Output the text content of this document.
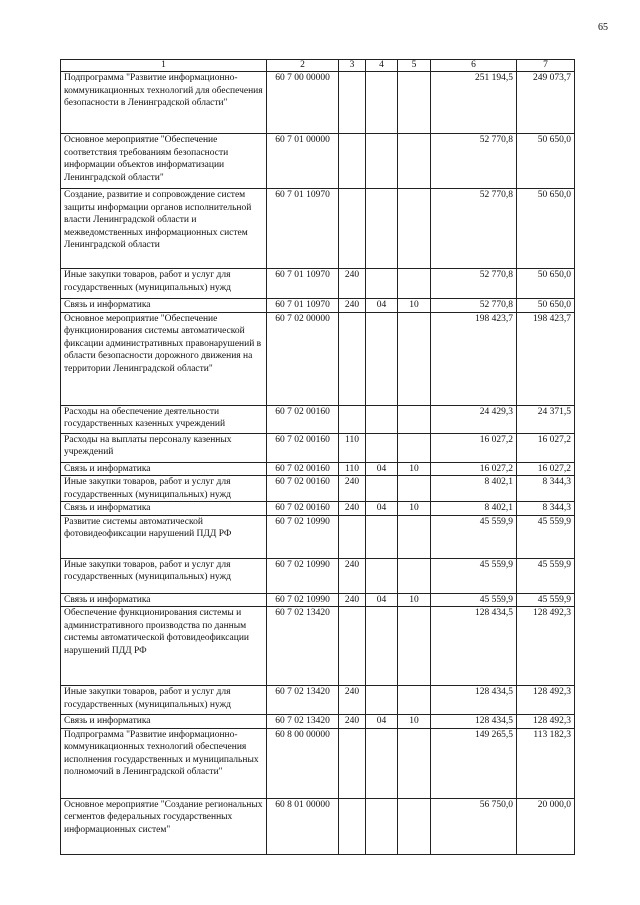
65
1	2	3	4	5	6	7
Подпрограмма "Развитие информационно-коммуникационных технологий для обеспечения безопасности в Ленинградской области"	60 7 00 00000				251 194,5	249 073,7
Основное мероприятие "Обеспечение соответствия требованиям безопасности информации объектов информатизации Ленинградской области"	60 7 01 00000				52 770,8	50 650,0
Создание, развитие и сопровождение систем защиты информации органов исполнительной власти Ленинградской области и межведомственных информационных систем Ленинградской области	60 7 01 10970				52 770,8	50 650,0
Иные закупки товаров, работ и услуг для государственных (муниципальных) нужд	60 7 01 10970	240			52 770,8	50 650,0
Связь и информатика	60 7 01 10970	240	04	10	52 770,8	50 650,0
Основное мероприятие "Обеспечение функционирования системы автоматической фиксации административных правонарушений в области безопасности дорожного движения на территории Ленинградской области"	60 7 02 00000				198 423,7	198 423,7
Расходы на обеспечение деятельности государственных казенных учреждений	60 7 02 00160				24 429,3	24 371,5
Расходы на выплаты персоналу казенных учреждений	60 7 02 00160	110			16 027,2	16 027,2
Связь и информатика	60 7 02 00160	110	04	10	16 027,2	16 027,2
Иные закупки товаров, работ и услуг для государственных (муниципальных) нужд	60 7 02 00160	240			8 402,1	8 344,3
Связь и информатика	60 7 02 00160	240	04	10	8 402,1	8 344,3
Развитие системы автоматической фотовидеофиксации нарушений ПДД РФ	60 7 02 10990				45 559,9	45 559,9
Иные закупки товаров, работ и услуг для государственных (муниципальных) нужд	60 7 02 10990	240			45 559,9	45 559,9
Связь и информатика	60 7 02 10990	240	04	10	45 559,9	45 559,9
Обеспечение функционирования системы и административного производства по данным системы автоматической фотовидеофиксации нарушений ПДД РФ	60 7 02 13420				128 434,5	128 492,3
Иные закупки товаров, работ и услуг для государственных (муниципальных) нужд	60 7 02 13420	240			128 434,5	128 492,3
Связь и информатика	60 7 02 13420	240	04	10	128 434,5	128 492,3
Подпрограмма "Развитие информационно-коммуникационных технологий обеспечения исполнения государственных и муниципальных полномочий в Ленинградской области"	60 8 00 00000				149 265,5	113 182,3
Основное мероприятие "Создание региональных сегментов федеральных государственных информационных систем"	60 8 01 00000				56 750,0	20 000,0
